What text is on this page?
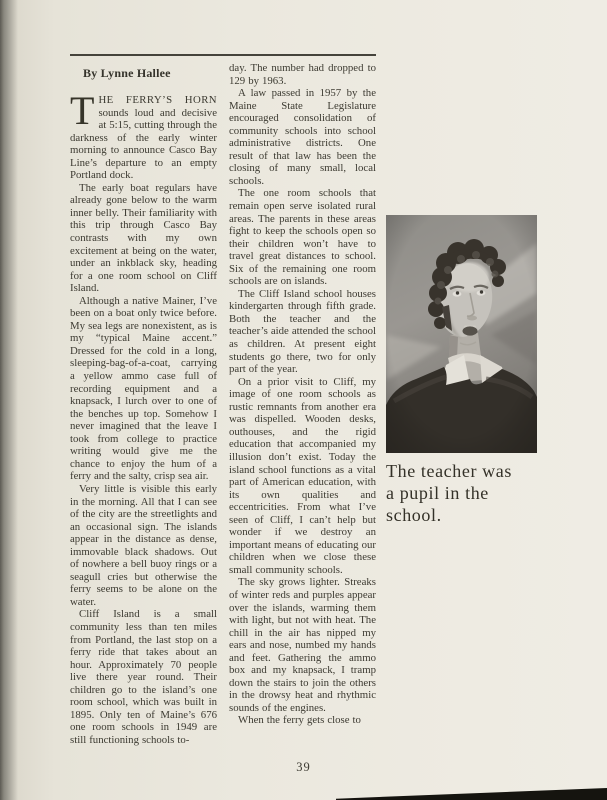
By Lynne Hallee

THE FERRY’S HORN sounds loud and decisive at 5:15, cutting through the darkness of the early winter morning to announce Casco Bay Line’s departure to an empty Portland dock.

The early boat regulars have already gone below to the warm inner belly. Their familiarity with this trip through Casco Bay contrasts with my own excitement at being on the water, under an inkblack sky, heading for a one room school on Cliff Island.

Although a native Mainer, I’ve been on a boat only twice before. My sea legs are nonexistent, as is my “typical Maine accent.” Dressed for the cold in a long, sleeping-bag-of-a-coat, carrying a yellow ammo case full of recording equipment and a knapsack, I lurch over to one of the benches up top. Somehow I never imagined that the leave I took from college to practice writing would give me the chance to enjoy the hum of a ferry and the salty, crisp sea air.

Very little is visible this early in the morning. All that I can see of the city are the streetlights and an occasional sign. The islands appear in the distance as dense, immovable black shadows. Out of nowhere a bell buoy rings or a seagull cries but otherwise the ferry seems to be alone on the water.

Cliff Island is a small community less than ten miles from Portland, the last stop on a ferry ride that takes about an hour. Approximately 70 people live there year round. Their children go to the island’s one room school, which was built in 1895. Only ten of Maine’s 676 one room schools in 1949 are still functioning schools to-

day. The number had dropped to 129 by 1963.

A law passed in 1957 by the Maine State Legislature encouraged consolidation of community schools into school administrative districts. One result of that law has been the closing of many small, local schools.

The one room schools that remain open serve isolated rural areas. The parents in these areas fight to keep the schools open so their children won’t have to travel great distances to school. Six of the remaining one room schools are on islands.

The Cliff Island school houses kindergarten through fifth grade. Both the teacher and the teacher’s aide attended the school as children. At present eight students go there, two for only part of the year.

On a prior visit to Cliff, my image of one room schools as rustic remnants from another era was dispelled. Wooden desks, outhouses, and the rigid education that accompanied my illusion don’t exist. Today the island school functions as a vital part of American education, with its own qualities and eccentricities. From what I’ve seen of Cliff, I can’t help but wonder if we destroy an important means of educating our children when we close these small community schools.

The sky grows lighter. Streaks of winter reds and purples appear over the islands, warming them with light, but not with heat. The chill in the air has nipped my ears and nose, numbed my hands and feet. Gathering the ammo box and my knapsack, I tramp down the stairs to join the others in the drowsy heat and rhythmic sounds of the engines.

When the ferry gets close to

The teacher was
a pupil in the
school.
39
